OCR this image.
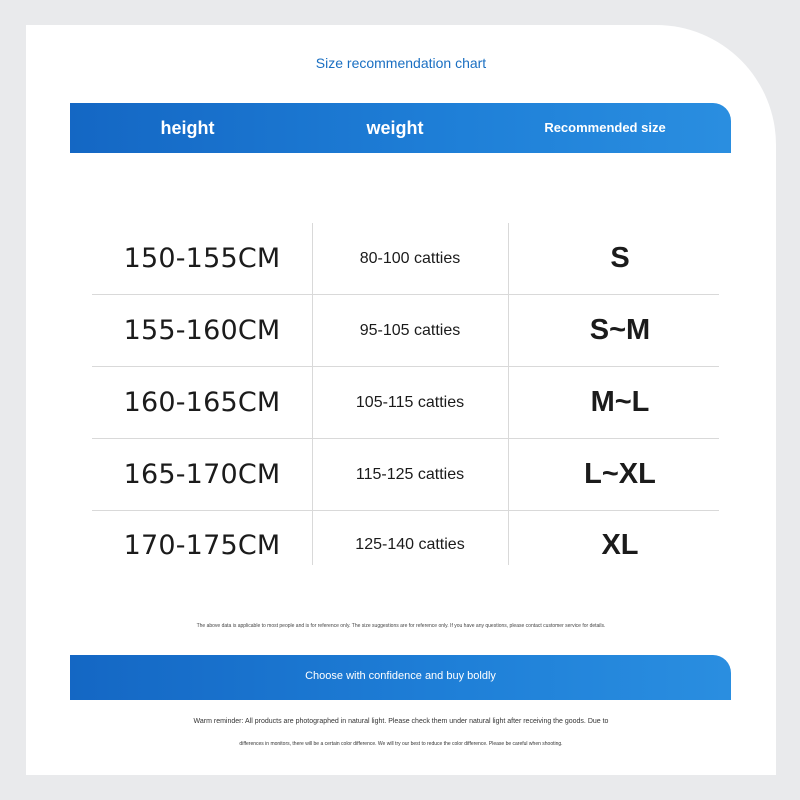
Size recommendation chart
height	weight	Recommended size
150-155CM	80-100 catties	S
155-160CM	95-105 catties	S~M
160-165CM	105-115 catties	M~L
165-170CM	115-125 catties	L~XL
170-175CM	125-140 catties	XL
The above data is applicable to most people and is for reference only. The size suggestions are for reference only. If you have any questions, please contact customer service for details.
Choose with confidence and buy boldly
Warm reminder: All products are photographed in natural light. Please check them under natural light after receiving the goods. Due to
differences in monitors, there will be a certain color difference. We will try our best to reduce the color difference. Please be careful when shooting.
